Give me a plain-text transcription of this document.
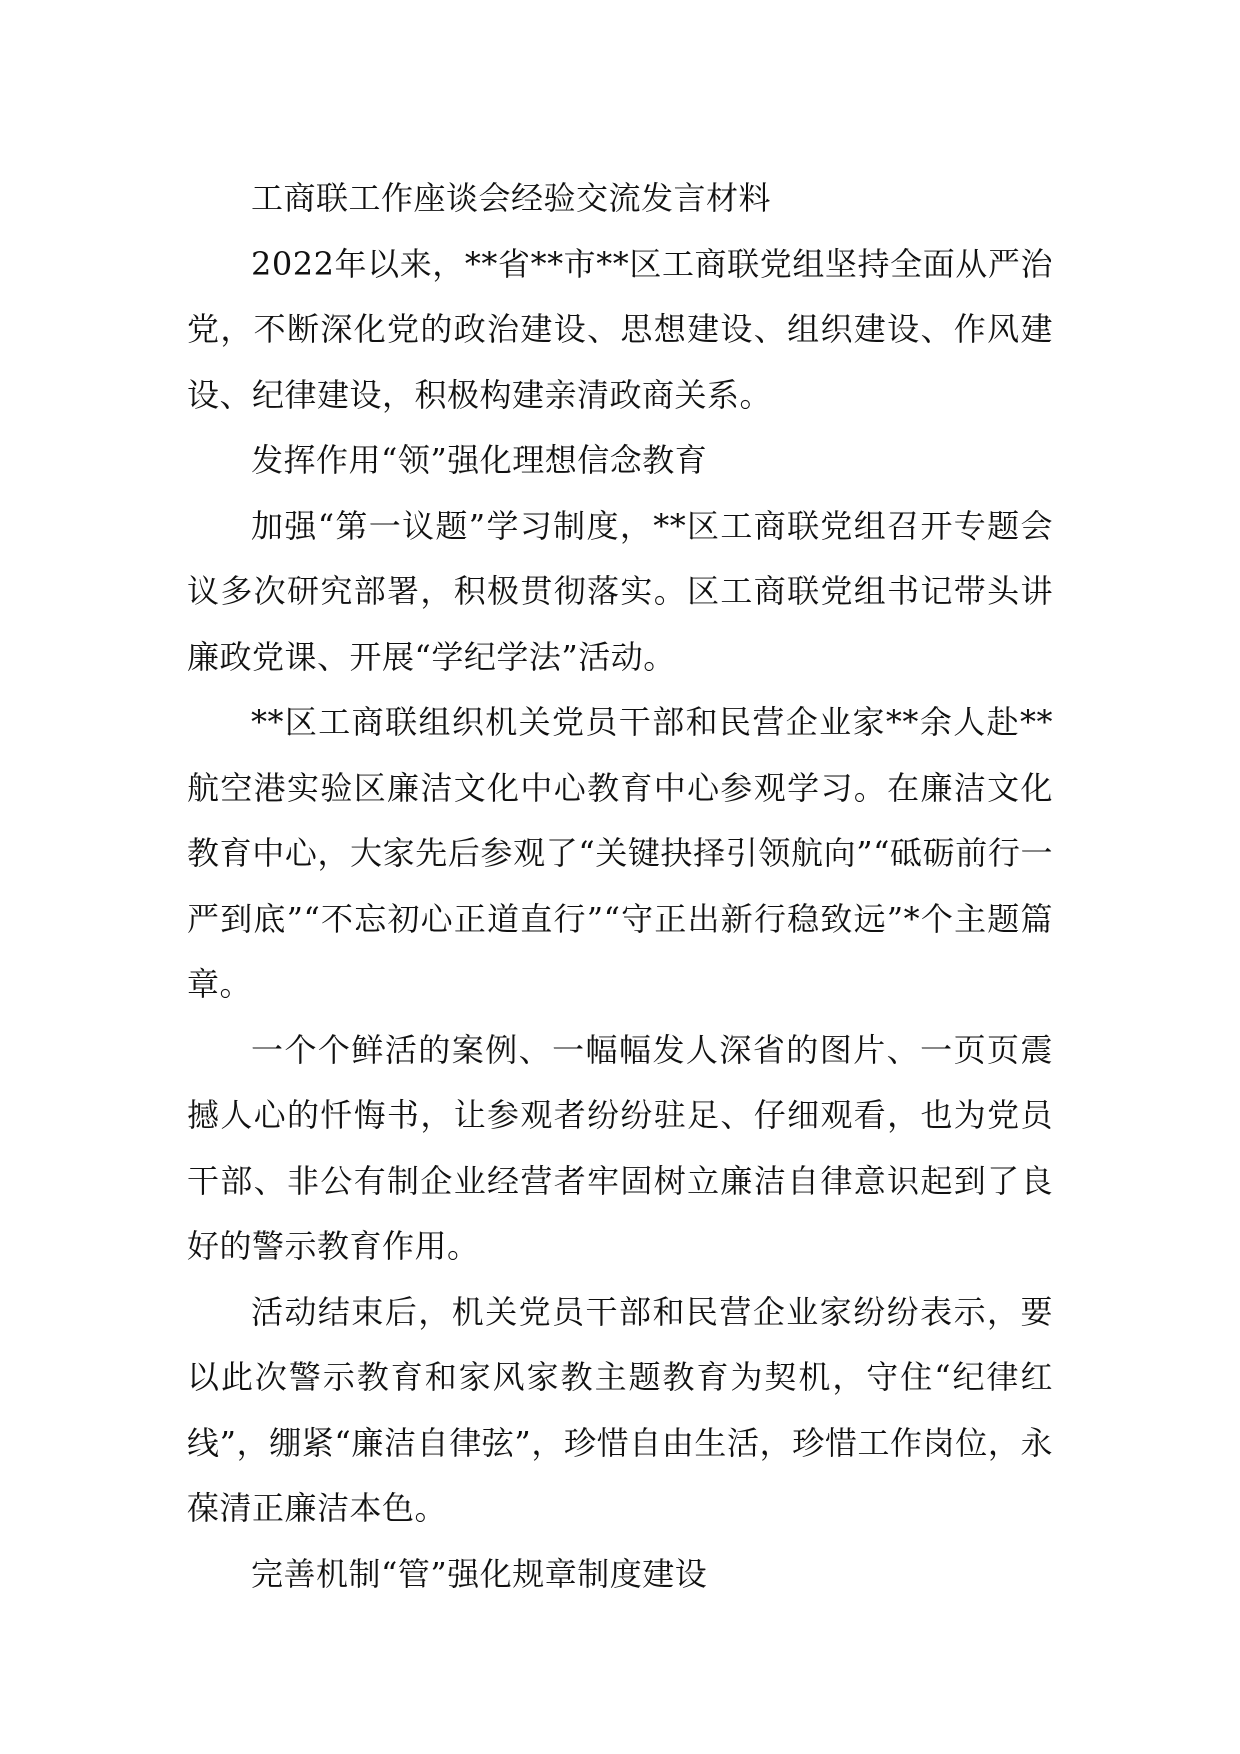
工商联工作座谈会经验交流发言材料

2022年以来，**省**市**区工商联党组坚持全面从严治党，不断深化党的政治建设、思想建设、组织建设、作风建设、纪律建设，积极构建亲清政商关系。

发挥作用“领”强化理想信念教育

加强“第一议题”学习制度，**区工商联党组召开专题会议多次研究部署，积极贯彻落实。区工商联党组书记带头讲廉政党课、开展“学纪学法”活动。

**区工商联组织机关党员干部和民营企业家**余人赴**航空港实验区廉洁文化中心教育中心参观学习。在廉洁文化教育中心，大家先后参观了“关键抉择引领航向”“砥砺前行一严到底”“不忘初心正道直行”“守正出新行稳致远”*个主题篇章。

一个个鲜活的案例、一幅幅发人深省的图片、一页页震撼人心的忏悔书，让参观者纷纷驻足、仔细观看，也为党员干部、非公有制企业经营者牢固树立廉洁自律意识起到了良好的警示教育作用。

活动结束后，机关党员干部和民营企业家纷纷表示，要以此次警示教育和家风家教主题教育为契机，守住“纪律红线”，绷紧“廉洁自律弦”，珍惜自由生活，珍惜工作岗位，永葆清正廉洁本色。

完善机制“管”强化规章制度建设
